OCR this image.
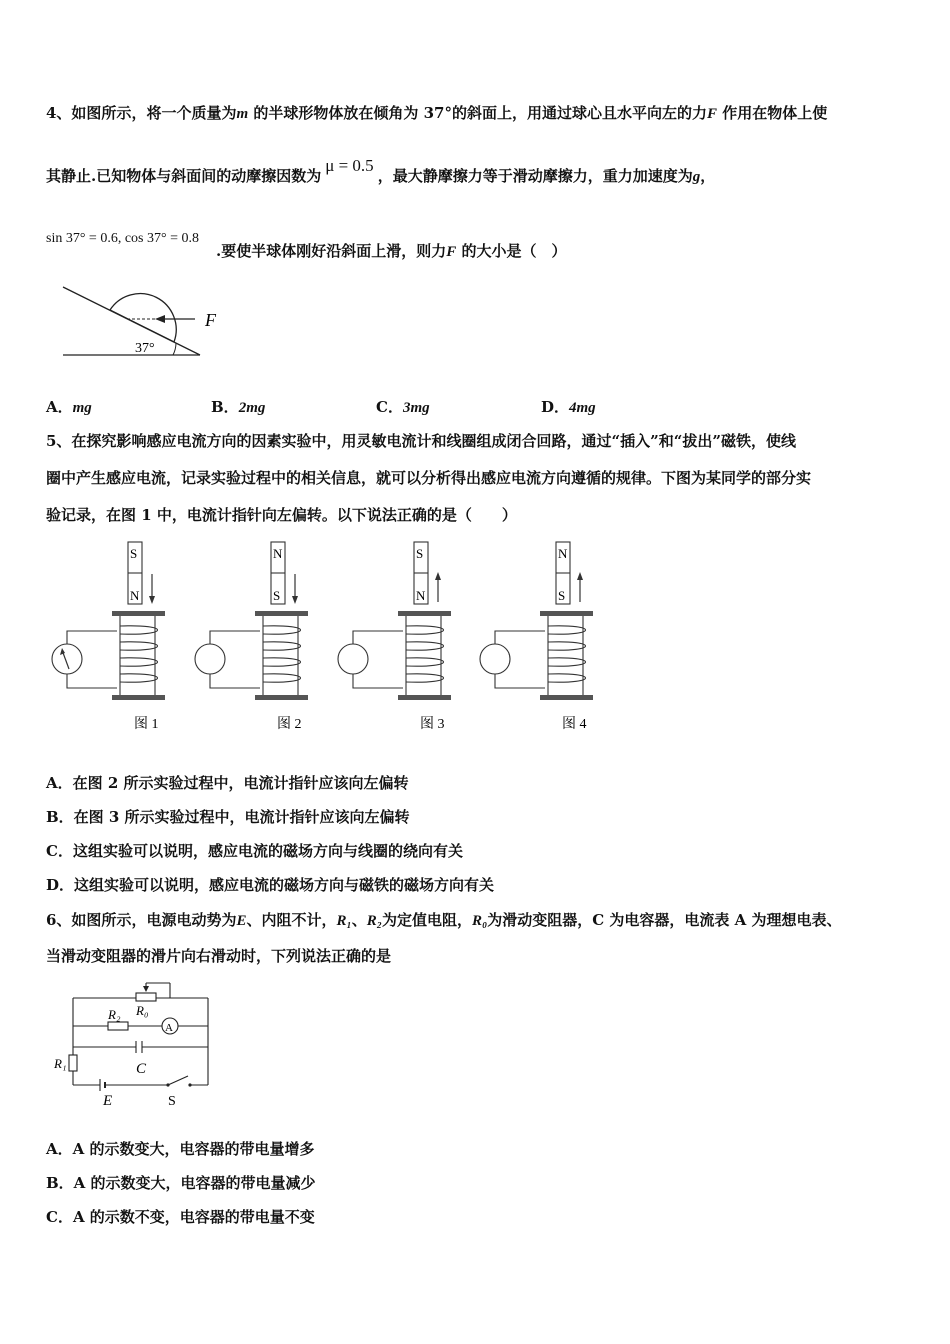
4、如图所示，将一个质量为m 的半球形物体放在倾角为 37°的斜面上，用通过球心且水平向左的力F 作用在物体上使
其静止.已知物体与斜面间的动摩擦因数为μ = 0.5，最大静摩擦力等于滑动摩擦力，重力加速度为g，
sin 37° = 0.6, cos 37° = 0.8
.要使半球体刚好沿斜面上滑，则力F 的大小是（　）
F
37°
A．mg	B．2mg	C．3mg	D．4mg
5、在探究影响感应电流方向的因素实验中，用灵敏电流计和线圈组成闭合回路，通过“插入”和“拔出”磁铁，使线
圈中产生感应电流，记录实验过程中的相关信息，就可以分析得出感应电流方向遵循的规律。下图为某同学的部分实
验记录，在图 1 中，电流计指针向左偏转。以下说法正确的是（　　）
S
N
图 1
N
S
图 2
S
N
图 3
N
S
图 4
A．在图 2 所示实验过程中，电流计指针应该向左偏转
B．在图 3 所示实验过程中，电流计指针应该向左偏转
C．这组实验可以说明，感应电流的磁场方向与线圈的绕向有关
D．这组实验可以说明，感应电流的磁场方向与磁铁的磁场方向有关
6、如图所示，电源电动势为E、内阻不计，R₁、R₂为定值电阻，R₀为滑动变阻器，C 为电容器，电流表 A 为理想电表、
当滑动变阻器的滑片向右滑动时，下列说法正确的是
R₀
R₂
A
R₁	C
E	S
A．A 的示数变大，电容器的带电量增多
B．A 的示数变大，电容器的带电量减少
C．A 的示数不变，电容器的带电量不变
